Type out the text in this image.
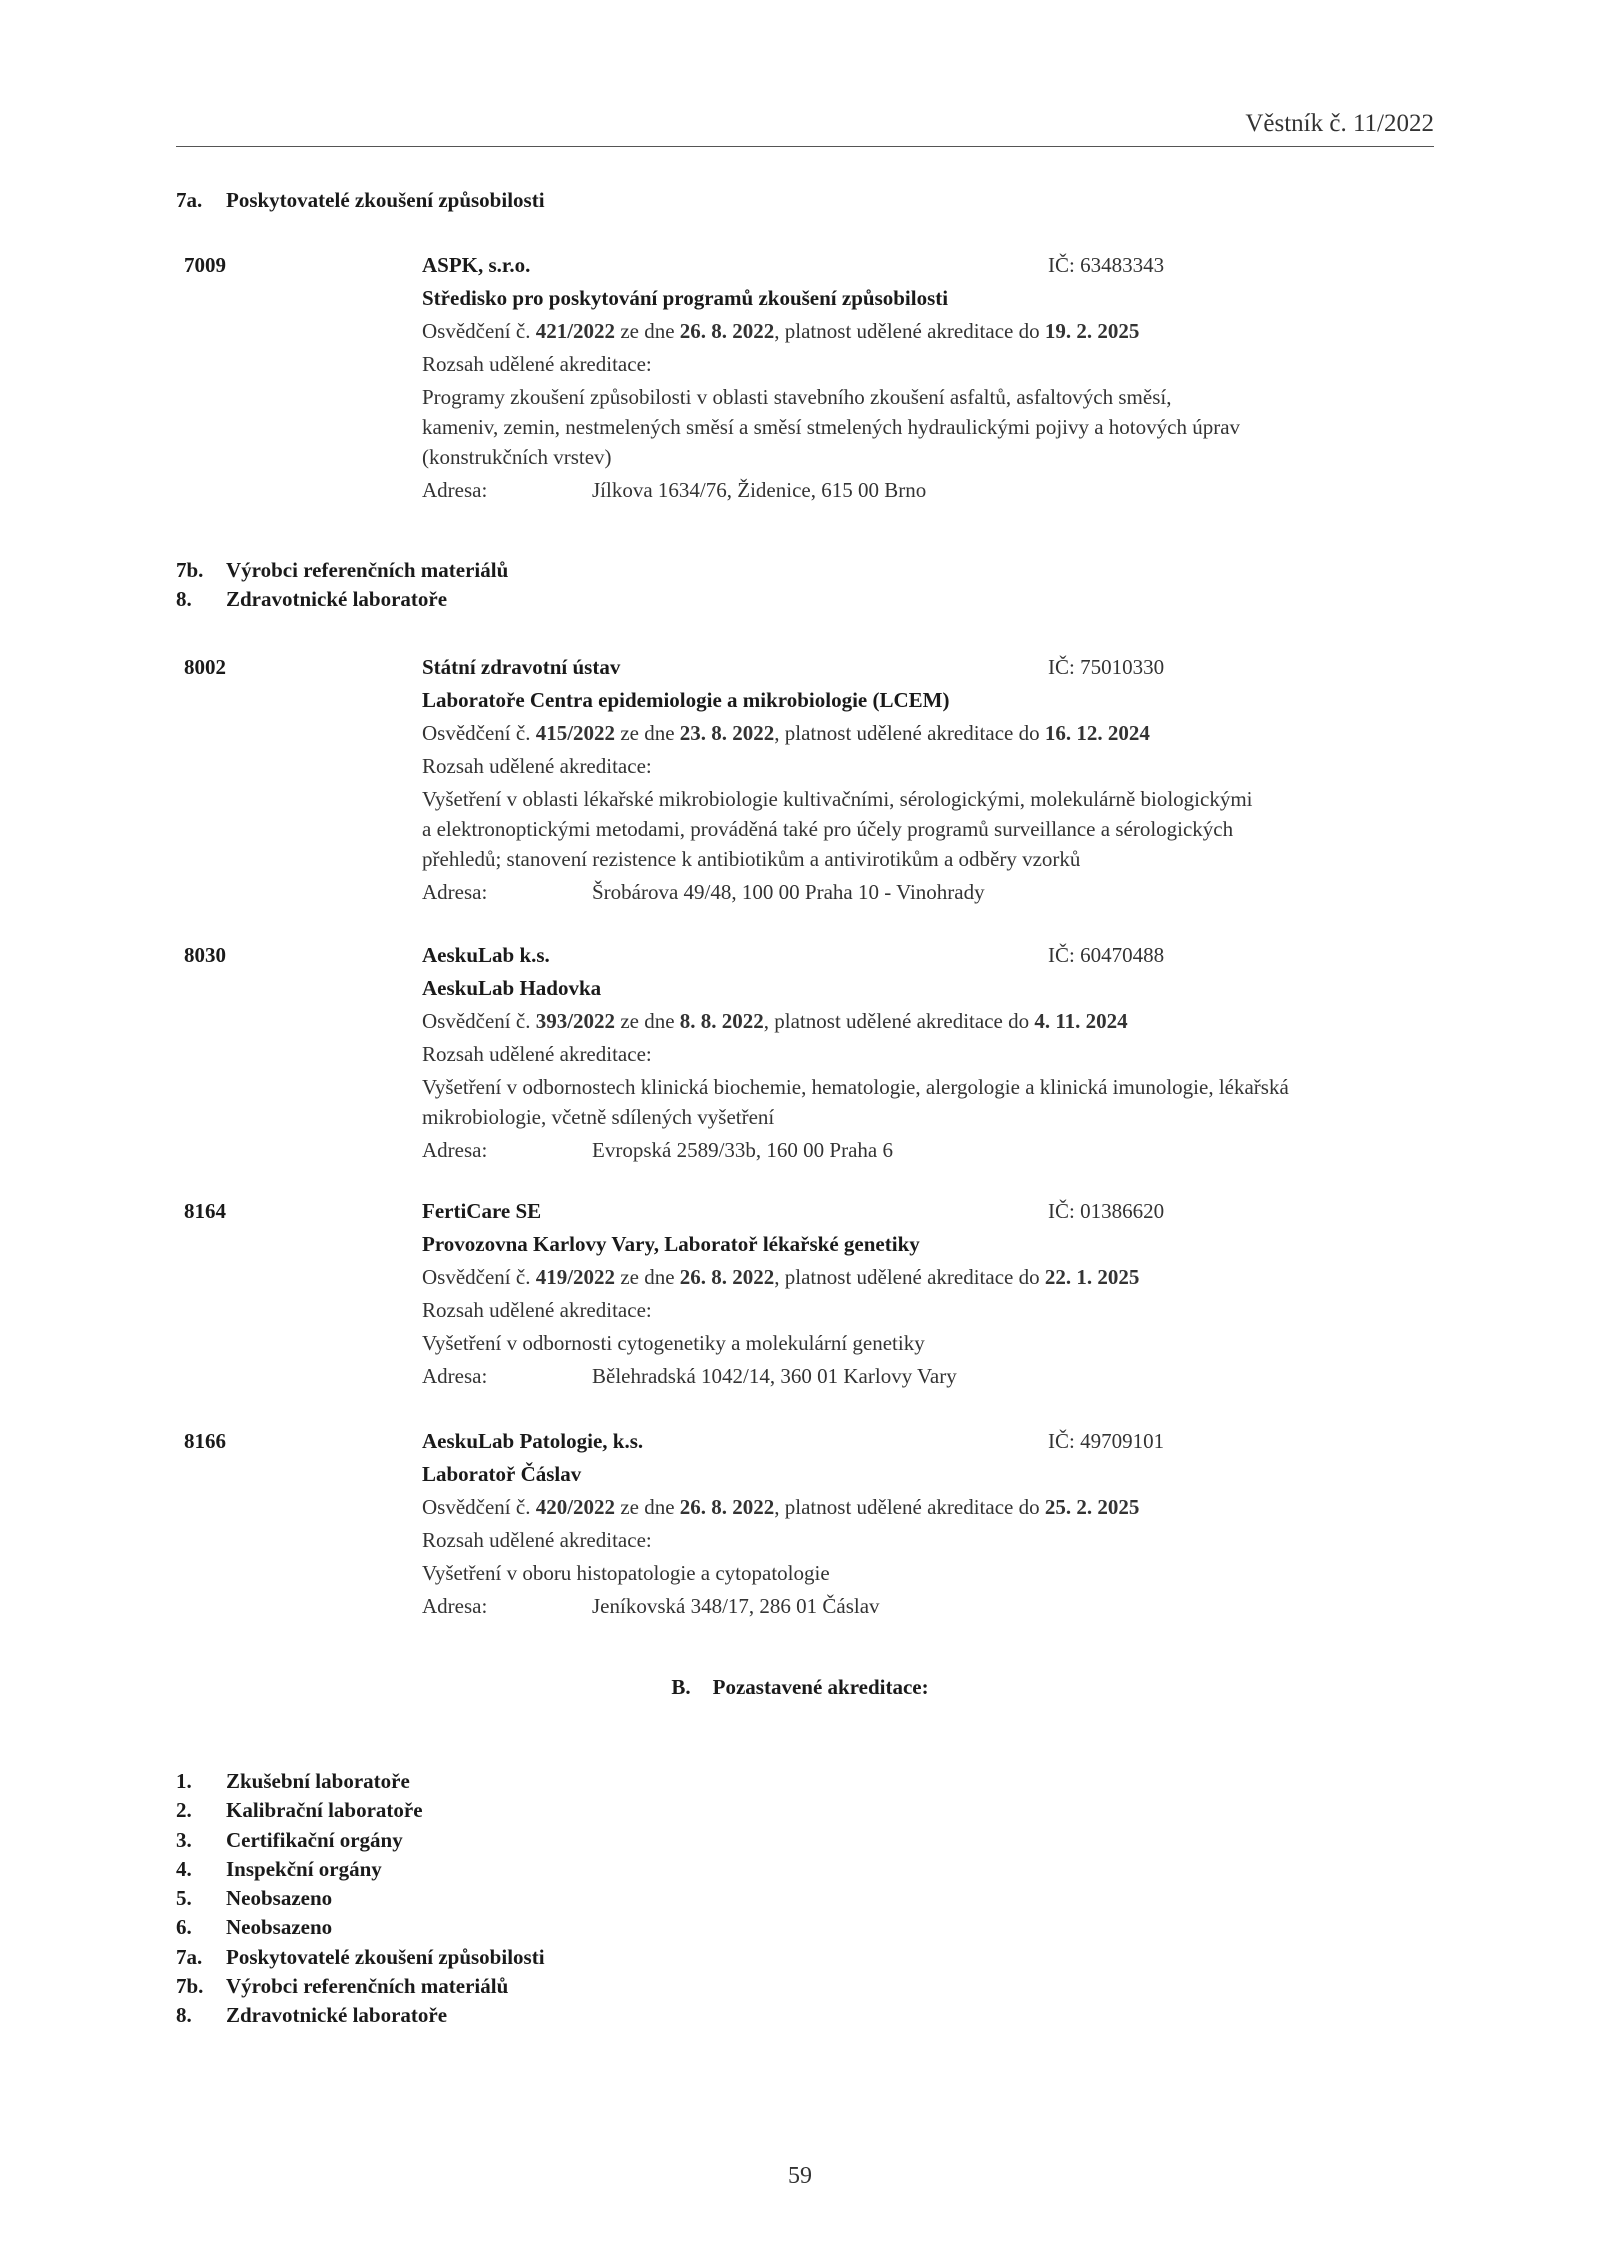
Věstník č. 11/2022
7a. Poskytovatelé zkoušení způsobilosti
7009	ASPK, s.r.o.	IČ: 63483343
Středisko pro poskytování programů zkoušení způsobilosti
Osvědčení č. 421/2022 ze dne 26. 8. 2022, platnost udělené akreditace do 19. 2. 2025
Rozsah udělené akreditace:
Programy zkoušení způsobilosti v oblasti stavebního zkoušení asfaltů, asfaltových směsí,
kameniv, zemin, nestmelených směsí a směsí stmelených hydraulickými pojivy a hotových úprav
(konstrukčních vrstev)
Adresa:	Jílkova 1634/76, Židenice, 615 00 Brno
7b. Výrobci referenčních materiálů
8. Zdravotnické laboratoře
8002	Státní zdravotní ústav	IČ: 75010330
Laboratoře Centra epidemiologie a mikrobiologie (LCEM)
Osvědčení č. 415/2022 ze dne 23. 8. 2022, platnost udělené akreditace do 16. 12. 2024
Rozsah udělené akreditace:
Vyšetření v oblasti lékařské mikrobiologie kultivačními, sérologickými, molekulárně biologickými
a elektronoptickými metodami, prováděná také pro účely programů surveillance a sérologických
přehledů; stanovení rezistence k antibiotikům a antivirotikům a odběry vzorků
Adresa:	Šrobárova 49/48, 100 00 Praha 10 - Vinohrady
8030	AeskuLab k.s.	IČ: 60470488
AeskuLab Hadovka
Osvědčení č. 393/2022 ze dne 8. 8. 2022, platnost udělené akreditace do 4. 11. 2024
Rozsah udělené akreditace:
Vyšetření v odbornostech klinická biochemie, hematologie, alergologie a klinická imunologie, lékařská
mikrobiologie, včetně sdílených vyšetření
Adresa:	Evropská 2589/33b, 160 00 Praha 6
8164	FertiCare SE	IČ: 01386620
Provozovna Karlovy Vary, Laboratoř lékařské genetiky
Osvědčení č. 419/2022 ze dne 26. 8. 2022, platnost udělené akreditace do 22. 1. 2025
Rozsah udělené akreditace:
Vyšetření v odbornosti cytogenetiky a molekulární genetiky
Adresa:	Bělehradská 1042/14, 360 01 Karlovy Vary
8166	AeskuLab Patologie, k.s.	IČ: 49709101
Laboratoř Čáslav
Osvědčení č. 420/2022 ze dne 26. 8. 2022, platnost udělené akreditace do 25. 2. 2025
Rozsah udělené akreditace:
Vyšetření v oboru histopatologie a cytopatologie
Adresa:	Jeníkovská 348/17, 286 01 Čáslav
B. Pozastavené akreditace:
1. Zkušební laboratoře
2. Kalibrační laboratoře
3. Certifikační orgány
4. Inspekční orgány
5. Neobsazeno
6. Neobsazeno
7a. Poskytovatelé zkoušení způsobilosti
7b. Výrobci referenčních materiálů
8. Zdravotnické laboratoře
59
